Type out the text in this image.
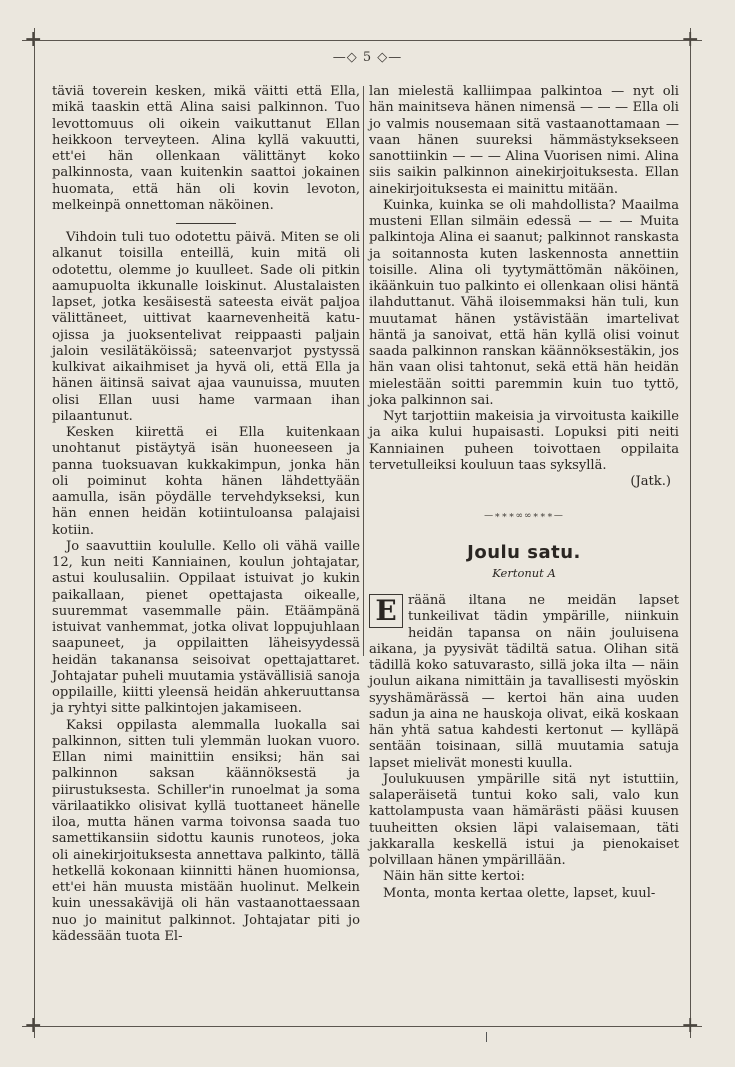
—◇ 5 ◇—

täviä toverein kesken, mikä väitti että Ella, mikä taaskin että Alina saisi palkinnon. Tuo levottomuus oli oikein vaikuttanut Ellan heikkoon terveyteen. Alina kyllä vakuutti, ett'ei hän ollenkaan välittänyt koko palkinnosta, vaan kuitenkin saattoi jokainen huomata, että hän oli kovin levoton, melkeinpä onnettoman näköinen.

Vihdoin tuli tuo odotettu päivä. Miten se oli alkanut toisilla enteillä, kuin mitä oli odotettu, olemme jo kuulleet. Sade oli pitkin aamupuolta ikkunalle loiskinut. Alustalaisten lapset, jotka kesäisestä sateesta eivät paljoa välittäneet, uittivat kaarnevenheitä katu-ojissa ja juoksentelivat reippaasti paljain jaloin vesilätäköissä; sateenvarjot pystyssä kulkivat aikaihmiset ja hyvä oli, että Ella ja hänen äitinsä saivat ajaa vaunuissa, muuten olisi Ellan uusi hame varmaan ihan pilaantunut.

Kesken kiirettä ei Ella kuitenkaan unohtanut pistäytyä isän huoneeseen ja panna tuoksuavan kukkakimpun, jonka hän oli poiminut kohta hänen lähdettyään aamulla, isän pöydälle tervehdykseksi, kun hän ennen heidän kotiintuloansa palajaisi kotiin.

Jo saavuttiin koululle. Kello oli vähä vaille 12, kun neiti Kanniainen, koulun johtajatar, astui koulusaliin. Oppilaat istuivat jo kukin paikallaan, pienet opettajasta oikealle, suuremmat vasemmalle päin. Etäämpänä istuivat vanhemmat, jotka olivat loppujuhlaan saapuneet, ja oppilaitten läheisyydessä heidän takanansa seisoivat opettajattaret. Johtajatar puheli muutamia ystävällisiä sanoja oppilaille, kiitti yleensä heidän ahkeruuttansa ja ryhtyi sitte palkintojen jakamiseen.

Kaksi oppilasta alemmalla luokalla sai palkinnon, sitten tuli ylemmän luokan vuoro. Ellan nimi mainittiin ensiksi; hän sai palkinnon saksan käännöksestä ja piirustuksesta. Schiller'in runoelmat ja soma värilaatikko olisivat kyllä tuottaneet hänelle iloa, mutta hänen varma toivonsa saada tuo samettikansiin sidottu kaunis runoteos, joka oli ainekirjoituksesta annettava palkinto, tällä hetkellä kokonaan kiinnitti hänen huomionsa, ett'ei hän muusta mistään huolinut. Melkein kuin unessakävijä oli hän vastaanottaessaan nuo jo mainitut palkinnot. Johtajatar piti jo kädessään tuota El-

lan mielestä kalliimpaa palkintoa — nyt oli hän mainitseva hänen nimensä — — — Ella oli jo valmis nousemaan sitä vastaanottamaan — vaan hänen suureksi hämmästyksekseen sanottiinkin — — — Alina Vuorisen nimi. Alina siis saikin palkinnon ainekirjoituksesta. Ellan ainekirjoituksesta ei mainittu mitään.

Kuinka, kuinka se oli mahdollista? Maailma musteni Ellan silmäin edessä — — — Muita palkintoja Alina ei saanut; palkinnot ranskasta ja soitannosta kuten laskennosta annettiin toisille. Alina oli tyytymättömän näköinen, ikäänkuin tuo palkinto ei ollenkaan olisi häntä ilahduttanut. Vähä iloisemmaksi hän tuli, kun muutamat hänen ystävistään imartelivat häntä ja sanoivat, että hän kyllä olisi voinut saada palkinnon ranskan käännöksestäkin, jos hän vaan olisi tahtonut, sekä että hän heidän mielestään soitti paremmin kuin tuo tyttö, joka palkinnon sai.

Nyt tarjottiin makeisia ja virvoitusta kaikille ja aika kului hupaisasti. Lopuksi piti neiti Kanniainen puheen toivottaen oppilaita tervetulleiksi kouluun taas syksyllä.

(Jatk.)

—∗∗∗∞∞∗∗∗—
Joulu satu.
Kertonut A
E räänä iltana ne meidän lapset tunkeilivat tädin ympärille, niinkuin heidän tapansa on näin jouluisena aikana, ja pyysivät tädiltä satua. Olihan sitä tädillä koko satuvarasto, sillä joka ilta — näin joulun aikana nimittäin ja tavallisesti myöskin syyshämärässä — kertoi hän aina uuden sadun ja aina ne hauskoja olivat, eikä koskaan hän yhtä satua kahdesti kertonut — kylläpä sentään toisinaan, sillä muutamia satuja lapset mielivät monesti kuulla.

Joulukuusen ympärille sitä nyt istuttiin, salaperäisetä tuntui koko sali, valo kun kattolampusta vaan hämärästi pääsi kuusen tuuheitten oksien läpi valaisemaan, täti jakkaralla keskellä istui ja pienokaiset polvillaan hänen ympärillään.

Näin hän sitte kertoi:

Monta, monta kertaa olette, lapset, kuul-

+	+
+	+
